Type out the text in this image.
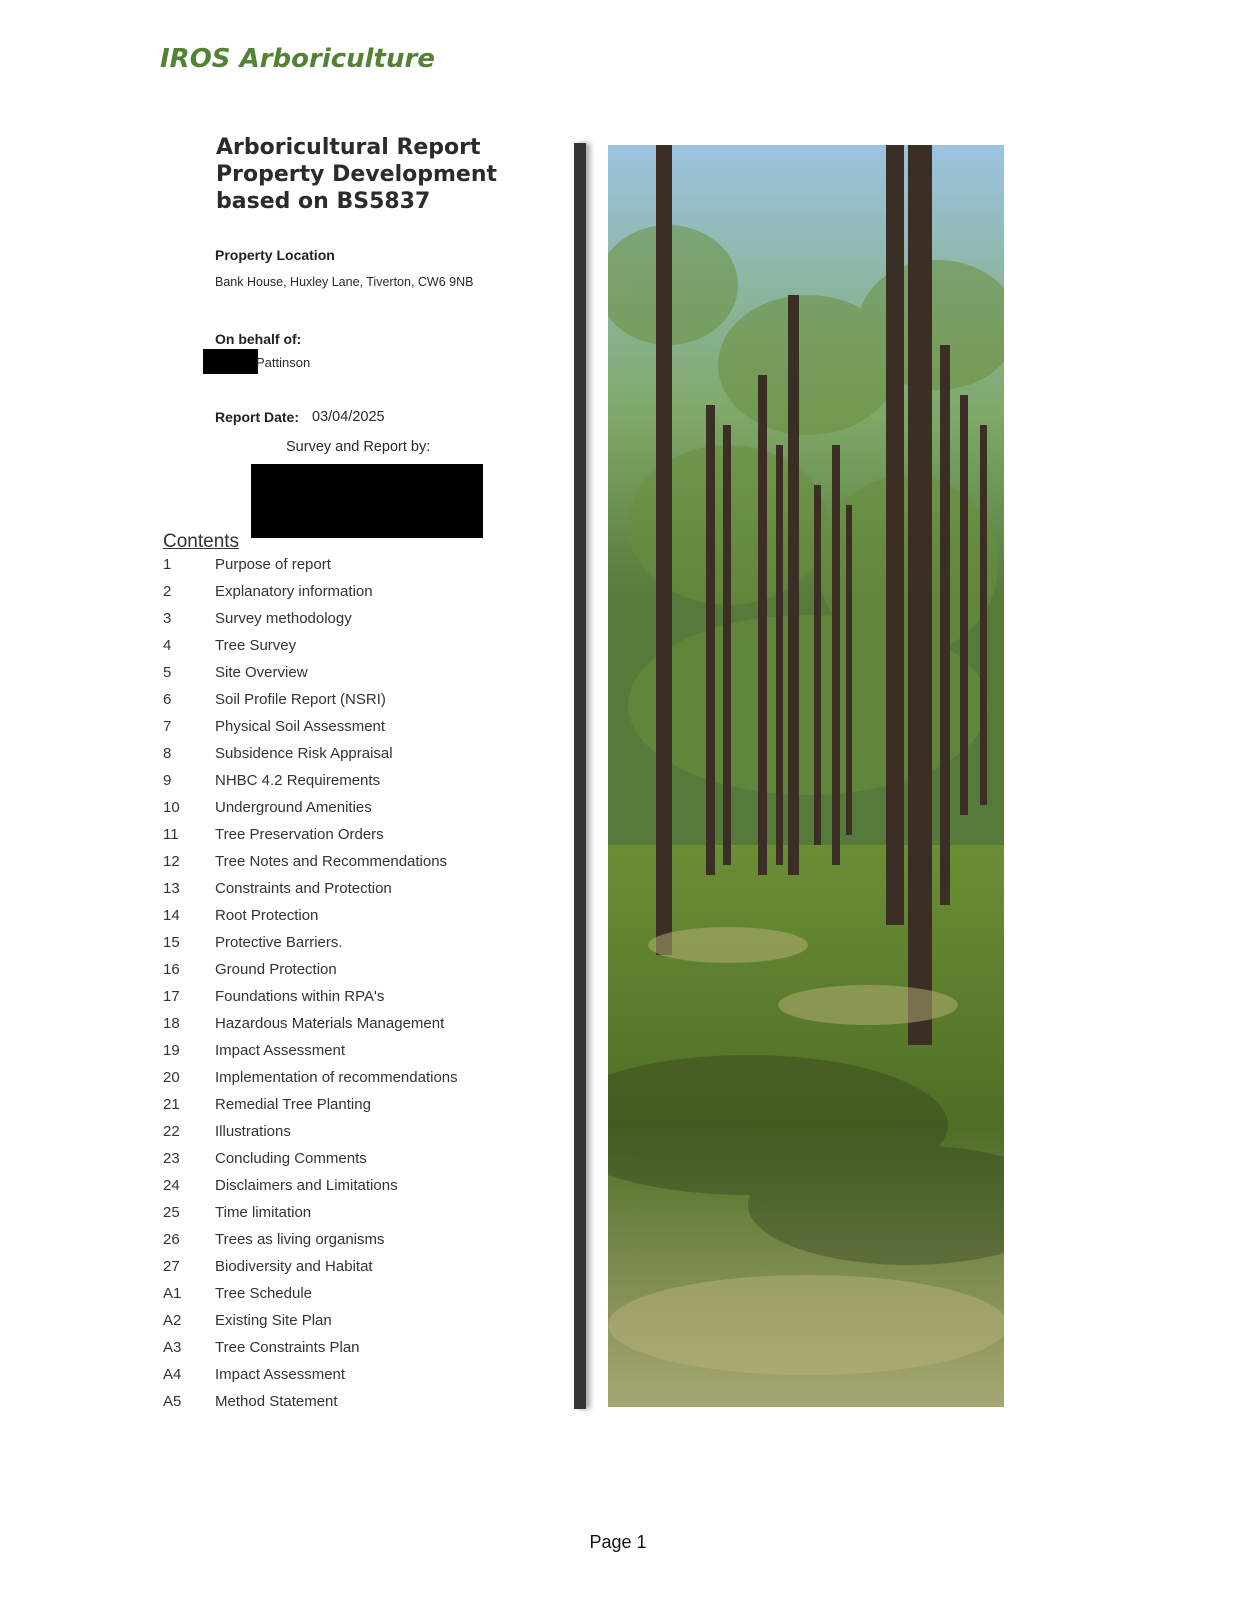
IROS Arboriculture
Arboricultural Report
Property Development
based on BS5837
Property Location
Bank House, Huxley Lane, Tiverton, CW6 9NB
On behalf of:
Pattinson
Report Date: 03/04/2025
Survey and Report by:
Contents
1	Purpose of report
2	Explanatory information
3	Survey methodology
4	Tree Survey
5	Site Overview
6	Soil Profile Report (NSRI)
7	Physical Soil Assessment
8	Subsidence Risk Appraisal
9	NHBC 4.2 Requirements
10 Underground Amenities
11 Tree Preservation Orders
12 Tree Notes and Recommendations
13 Constraints and Protection
14 Root Protection
15 Protective Barriers.
16 Ground Protection
17 Foundations within RPA's
18 Hazardous Materials Management
19 Impact Assessment
20 Implementation of recommendations
21 Remedial Tree Planting
22 Illustrations
23 Concluding Comments
24 Disclaimers and Limitations
25 Time limitation
26 Trees as living organisms
27 Biodiversity and Habitat
A1 Tree Schedule
A2 Existing Site Plan
A3 Tree Constraints Plan
A4 Impact Assessment
A5 Method Statement
Page 1
